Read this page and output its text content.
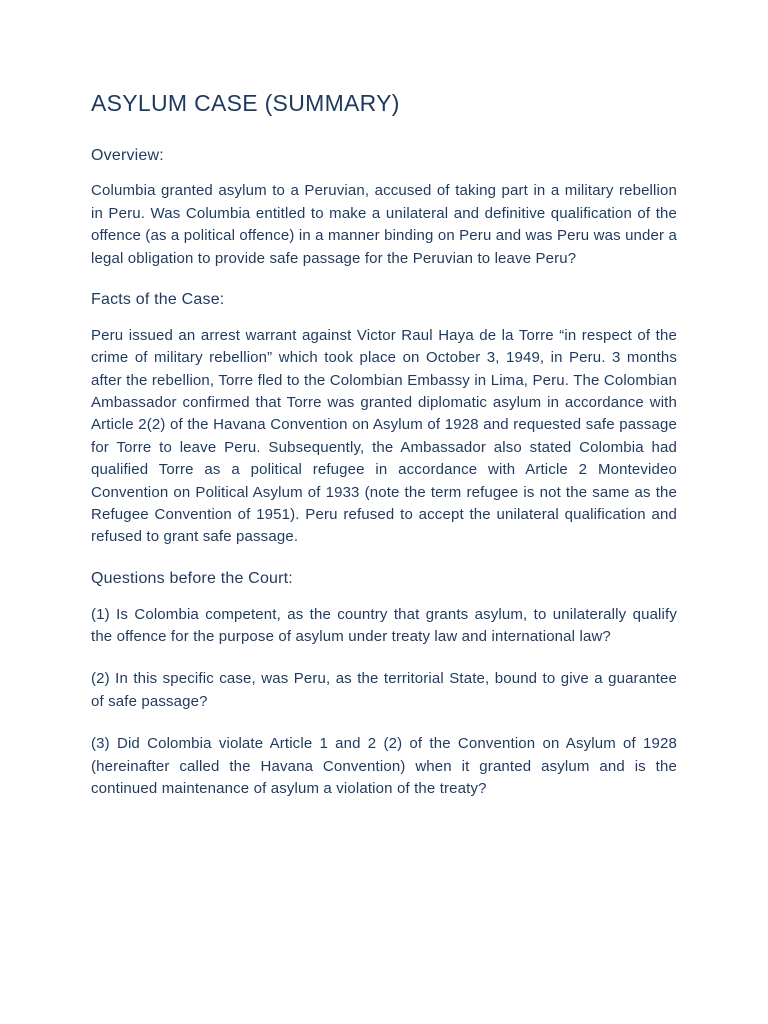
ASYLUM CASE (SUMMARY)
Overview:

Columbia granted asylum to a Peruvian, accused of taking part in a military rebellion in Peru. Was Columbia entitled to make a unilateral and definitive qualification of the offence (as a political offence) in a manner binding on Peru and was Peru was under a legal obligation to provide safe passage for the Peruvian to leave Peru?

Facts of the Case:

Peru issued an arrest warrant against Victor Raul Haya de la Torre “in respect of the crime of military rebellion” which took place on October 3, 1949, in Peru. 3 months after the rebellion, Torre fled to the Colombian Embassy in Lima, Peru. The Colombian Ambassador confirmed that Torre was granted diplomatic asylum in accordance with Article 2(2) of the Havana Convention on Asylum of 1928 and requested safe passage for Torre to leave Peru. Subsequently, the Ambassador also stated Colombia had qualified Torre as a political refugee in accordance with Article 2 Montevideo Convention on Political Asylum of 1933 (note the term refugee is not the same as the Refugee Convention of 1951). Peru refused to accept the unilateral qualification and refused to grant safe passage.

Questions before the Court:

(1) Is Colombia competent, as the country that grants asylum, to unilaterally qualify the offence for the purpose of asylum under treaty law and international law?

(2) In this specific case, was Peru, as the territorial State, bound to give a guarantee of safe passage?

(3) Did Colombia violate Article 1 and 2 (2) of the Convention on Asylum of 1928 (hereinafter called the Havana Convention) when it granted asylum and is the continued maintenance of asylum a violation of the treaty?
